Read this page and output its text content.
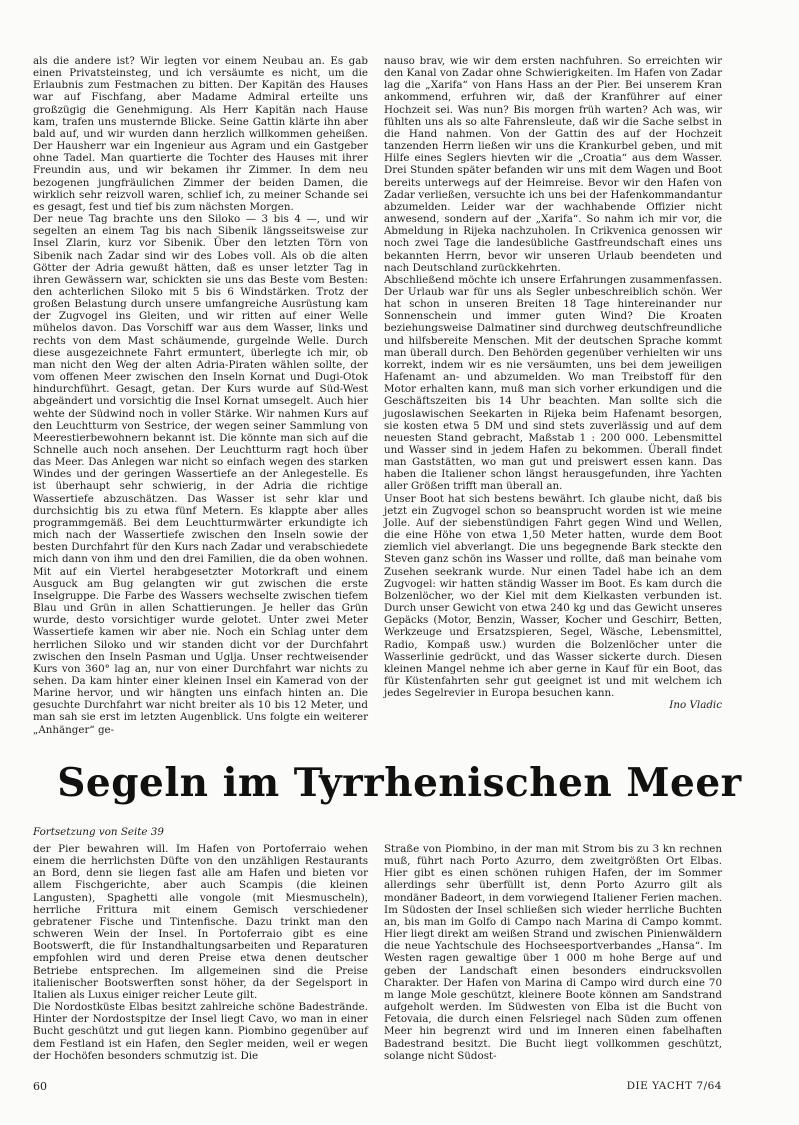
als die andere ist? Wir legten vor einem Neubau an. Es gab einen Privatsteinsteg, und ich versäumte es nicht, um die Erlaubnis zum Festmachen zu bitten. Der Kapitän des Hauses war auf Fischfang, aber Madame Admiral erteilte uns großzügig die Genehmigung. Als Herr Kapitän nach Hause kam, trafen uns musternde Blicke. Seine Gattin klärte ihn aber bald auf, und wir wurden dann herzlich willkommen geheißen. Der Hausherr war ein Ingenieur aus Agram und ein Gastgeber ohne Tadel. Man quartierte die Tochter des Hauses mit ihrer Freundin aus, und wir bekamen ihr Zimmer. In dem neu bezogenen jungfräulichen Zimmer der beiden Damen, die wirklich sehr reizvoll waren, schlief ich, zu meiner Schande sei es gesagt, fest und tief bis zum nächsten Morgen.

Der neue Tag brachte uns den Siloko — 3 bis 4 —, und wir segelten an einem Tag bis nach Sibenik längsseitsweise zur Insel Zlarin, kurz vor Sibenik. Über den letzten Törn von Sibenik nach Zadar sind wir des Lobes voll. Als ob die alten Götter der Adria gewußt hätten, daß es unser letzter Tag in ihren Gewässern war, schickten sie uns das Beste vom Besten: den achterlichen Siloko mit 5 bis 6 Windstärken. Trotz der großen Belastung durch unsere umfangreiche Ausrüstung kam der Zugvogel ins Gleiten, und wir ritten auf einer Welle mühelos davon. Das Vorschiff war aus dem Wasser, links und rechts von dem Mast schäumende, gurgelnde Welle. Durch diese ausgezeichnete Fahrt ermuntert, überlegte ich mir, ob man nicht den Weg der alten Adria-Piraten wählen sollte, der vom offenen Meer zwischen den Inseln Kornat und Dugi-Otok hindurchführt. Gesagt, getan. Der Kurs wurde auf Süd-West abgeändert und vorsichtig die Insel Kornat umsegelt. Auch hier wehte der Südwind noch in voller Stärke. Wir nahmen Kurs auf den Leuchtturm von Sestrice, der wegen seiner Sammlung von Meerestierbewohnern bekannt ist. Die könnte man sich auf die Schnelle auch noch ansehen. Der Leuchtturm ragt hoch über das Meer. Das Anlegen war nicht so einfach wegen des starken Windes und der geringen Wassertiefe an der Anlegestelle. Es ist überhaupt sehr schwierig, in der Adria die richtige Wassertiefe abzuschätzen. Das Wasser ist sehr klar und durchsichtig bis zu etwa fünf Metern. Es klappte aber alles programmgemäß. Bei dem Leuchtturmwärter erkundigte ich mich nach der Wassertiefe zwischen den Inseln sowie der besten Durchfahrt für den Kurs nach Zadar und verabschiedete mich dann von ihm und den drei Familien, die da oben wohnen. Mit auf ein Viertel herabgesetzter Motorkraft und einem Ausguck am Bug gelangten wir gut zwischen die erste Inselgruppe. Die Farbe des Wassers wechselte zwischen tiefem Blau und Grün in allen Schattierungen. Je heller das Grün wurde, desto vorsichtiger wurde gelotet. Unter zwei Meter Wassertiefe kamen wir aber nie. Noch ein Schlag unter dem herrlichen Siloko und wir standen dicht vor der Durchfahrt zwischen den Inseln Pasman und Uglja. Unser rechtweisender Kurs von 360° lag an, nur von einer Durchfahrt war nichts zu sehen. Da kam hinter einer kleinen Insel ein Kamerad von der Marine hervor, und wir hängten uns einfach hinten an. Die gesuchte Durchfahrt war nicht breiter als 10 bis 12 Meter, und man sah sie erst im letzten Augenblick. Uns folgte ein weiterer „Anhänger“ ge-

nauso brav, wie wir dem ersten nachfuhren. So erreichten wir den Kanal von Zadar ohne Schwierigkeiten. Im Hafen von Zadar lag die „Xarifa“ von Hans Hass an der Pier. Bei unserem Kran ankommend, erfuhren wir, daß der Kranführer auf einer Hochzeit sei. Was nun? Bis morgen früh warten? Ach was, wir fühlten uns als so alte Fahrensleute, daß wir die Sache selbst in die Hand nahmen. Von der Gattin des auf der Hochzeit tanzenden Herrn ließen wir uns die Krankurbel geben, und mit Hilfe eines Seglers hievten wir die „Croatia“ aus dem Wasser. Drei Stunden später befanden wir uns mit dem Wagen und Boot bereits unterwegs auf der Heimreise. Bevor wir den Hafen von Zadar verließen, versuchte ich uns bei der Hafenkommandantur abzumelden. Leider war der wachhabende Offizier nicht anwesend, sondern auf der „Xarifa“. So nahm ich mir vor, die Abmeldung in Rijeka nachzuholen. In Crikvenica genossen wir noch zwei Tage die landesübliche Gastfreundschaft eines uns bekannten Herrn, bevor wir unseren Urlaub beendeten und nach Deutschland zurückkehrten.

Abschließend möchte ich unsere Erfahrungen zusammenfassen. Der Urlaub war für uns als Segler unbeschreiblich schön. Wer hat schon in unseren Breiten 18 Tage hintereinander nur Sonnenschein und immer guten Wind? Die Kroaten beziehungsweise Dalmatiner sind durchweg deutschfreundliche und hilfsbereite Menschen. Mit der deutschen Sprache kommt man überall durch. Den Behörden gegenüber verhielten wir uns korrekt, indem wir es nie versäumten, uns bei dem jeweiligen Hafenamt an- und abzumelden. Wo man Treibstoff für den Motor erhalten kann, muß man sich vorher erkundigen und die Geschäftszeiten bis 14 Uhr beachten. Man sollte sich die jugoslawischen Seekarten in Rijeka beim Hafenamt besorgen, sie kosten etwa 5 DM und sind stets zuverlässig und auf dem neuesten Stand gebracht, Maßstab 1 : 200 000. Lebensmittel und Wasser sind in jedem Hafen zu bekommen. Überall findet man Gaststätten, wo man gut und preiswert essen kann. Das haben die Italiener schon längst herausgefunden, ihre Yachten aller Größen trifft man überall an.

Unser Boot hat sich bestens bewährt. Ich glaube nicht, daß bis jetzt ein Zugvogel schon so beansprucht worden ist wie meine Jolle. Auf der siebenstündigen Fahrt gegen Wind und Wellen, die eine Höhe von etwa 1,50 Meter hatten, wurde dem Boot ziemlich viel abverlangt. Die uns begegnende Bark steckte den Steven ganz schön ins Wasser und rollte, daß man beinahe vom Zusehen seekrank wurde. Nur einen Tadel habe ich an dem Zugvogel: wir hatten ständig Wasser im Boot. Es kam durch die Bolzenlöcher, wo der Kiel mit dem Kielkasten verbunden ist. Durch unser Gewicht von etwa 240 kg und das Gewicht unseres Gepäcks (Motor, Benzin, Wasser, Kocher und Geschirr, Betten, Werkzeuge und Ersatzspieren, Segel, Wäsche, Lebensmittel, Radio, Kompaß usw.) wurden die Bolzenlöcher unter die Wasserlinie gedrückt, und das Wasser sickerte durch. Diesen kleinen Mangel nehme ich aber gerne in Kauf für ein Boot, das für Küstenfahrten sehr gut geeignet ist und mit welchem ich jedes Segelrevier in Europa besuchen kann.

Ino Vladic

Segeln im Tyrrhenischen Meer
Fortsetzung von Seite 39

der Pier bewahren will. Im Hafen von Portoferraio wehen einem die herrlichsten Düfte von den unzähligen Restaurants an Bord, denn sie liegen fast alle am Hafen und bieten vor allem Fischgerichte, aber auch Scampis (die kleinen Langusten), Spaghetti alle vongole (mit Miesmuscheln), herrliche Frittura mit einem Gemisch verschiedener gebratener Fische und Tintenfische. Dazu trinkt man den schweren Wein der Insel. In Portoferraio gibt es eine Bootswerft, die für Instandhaltungsarbeiten und Reparaturen empfohlen wird und deren Preise etwa denen deutscher Betriebe entsprechen. Im allgemeinen sind die Preise italienischer Bootswerften sonst höher, da der Segelsport in Italien als Luxus einiger reicher Leute gilt.

Die Nordostküste Elbas besitzt zahlreiche schöne Badestrände. Hinter der Nordostspitze der Insel liegt Cavo, wo man in einer Bucht geschützt und gut liegen kann. Piombino gegenüber auf dem Festland ist ein Hafen, den Segler meiden, weil er wegen der Hochöfen besonders schmutzig ist. Die

Straße von Piombino, in der man mit Strom bis zu 3 kn rechnen muß, führt nach Porto Azurro, dem zweitgrößten Ort Elbas. Hier gibt es einen schönen ruhigen Hafen, der im Sommer allerdings sehr überfüllt ist, denn Porto Azurro gilt als mondäner Badeort, in dem vorwiegend Italiener Ferien machen. Im Südosten der Insel schließen sich wieder herrliche Buchten an, bis man im Golfo di Campo nach Marina di Campo kommt. Hier liegt direkt am weißen Strand und zwischen Pinienwäldern die neue Yachtschule des Hochseesportverbandes „Hansa“. Im Westen ragen gewaltige über 1 000 m hohe Berge auf und geben der Landschaft einen besonders eindrucksvollen Charakter. Der Hafen von Marina di Campo wird durch eine 70 m lange Mole geschützt, kleinere Boote können am Sandstrand aufgeholt werden. Im Südwesten von Elba ist die Bucht von Fetovaia, die durch einen Felsriegel nach Süden zum offenen Meer hin begrenzt wird und im Inneren einen fabelhaften Badestrand besitzt. Die Bucht liegt vollkommen geschützt, solange nicht Südost-

60	DIE YACHT 7/64
